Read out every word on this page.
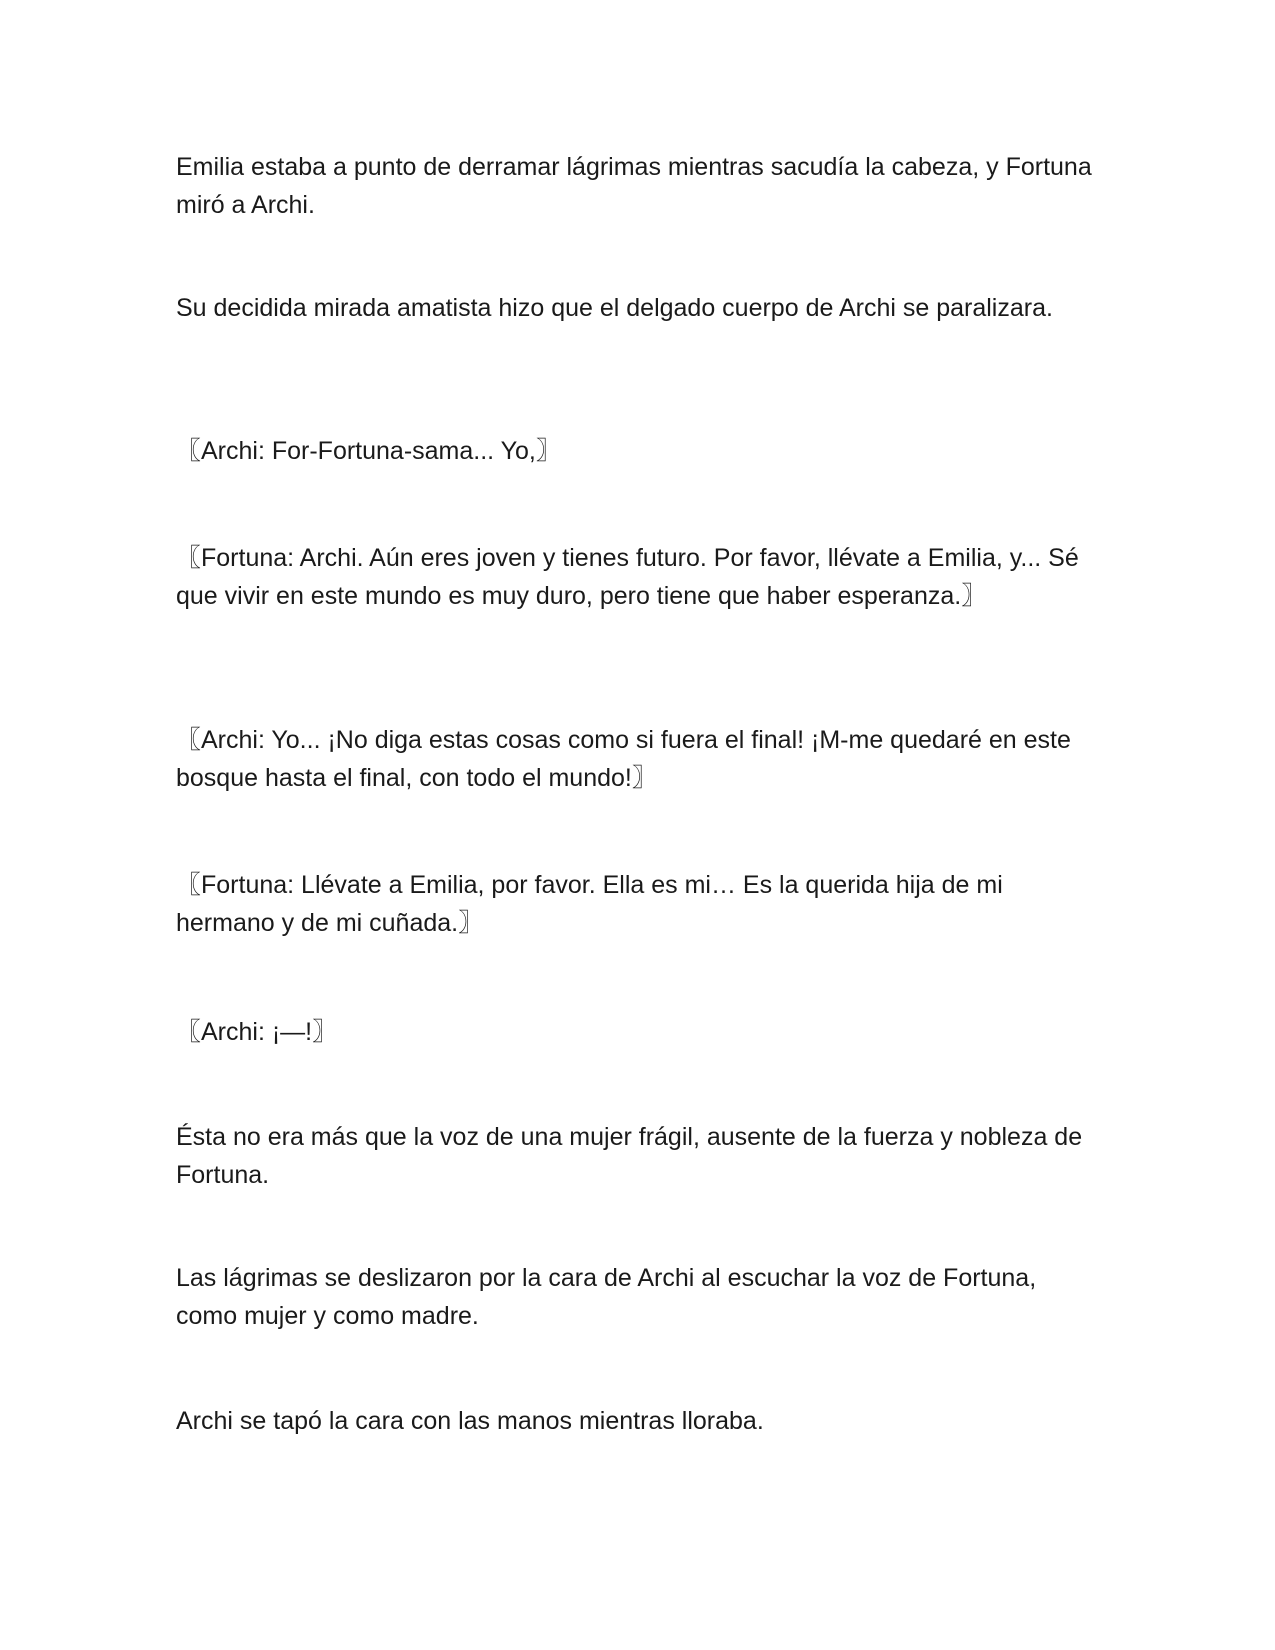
Emilia estaba a punto de derramar lágrimas mientras sacudía la cabeza, y Fortuna miró a Archi.

Su decidida mirada amatista hizo que el delgado cuerpo de Archi se paralizara.

〖Archi: For-Fortuna-sama... Yo,〗

〖Fortuna: Archi. Aún eres joven y tienes futuro. Por favor, llévate a Emilia, y... Sé que vivir en este mundo es muy duro, pero tiene que haber esperanza.〗

〖Archi: Yo... ¡No diga estas cosas como si fuera el final! ¡M-me quedaré en este bosque hasta el final, con todo el mundo!〗

〖Fortuna: Llévate a Emilia, por favor. Ella es mi… Es la querida hija de mi hermano y de mi cuñada.〗

〖Archi: ¡—!〗

Ésta no era más que la voz de una mujer frágil, ausente de la fuerza y nobleza de Fortuna.

Las lágrimas se deslizaron por la cara de Archi al escuchar la voz de Fortuna, como mujer y como madre.

Archi se tapó la cara con las manos mientras lloraba.
